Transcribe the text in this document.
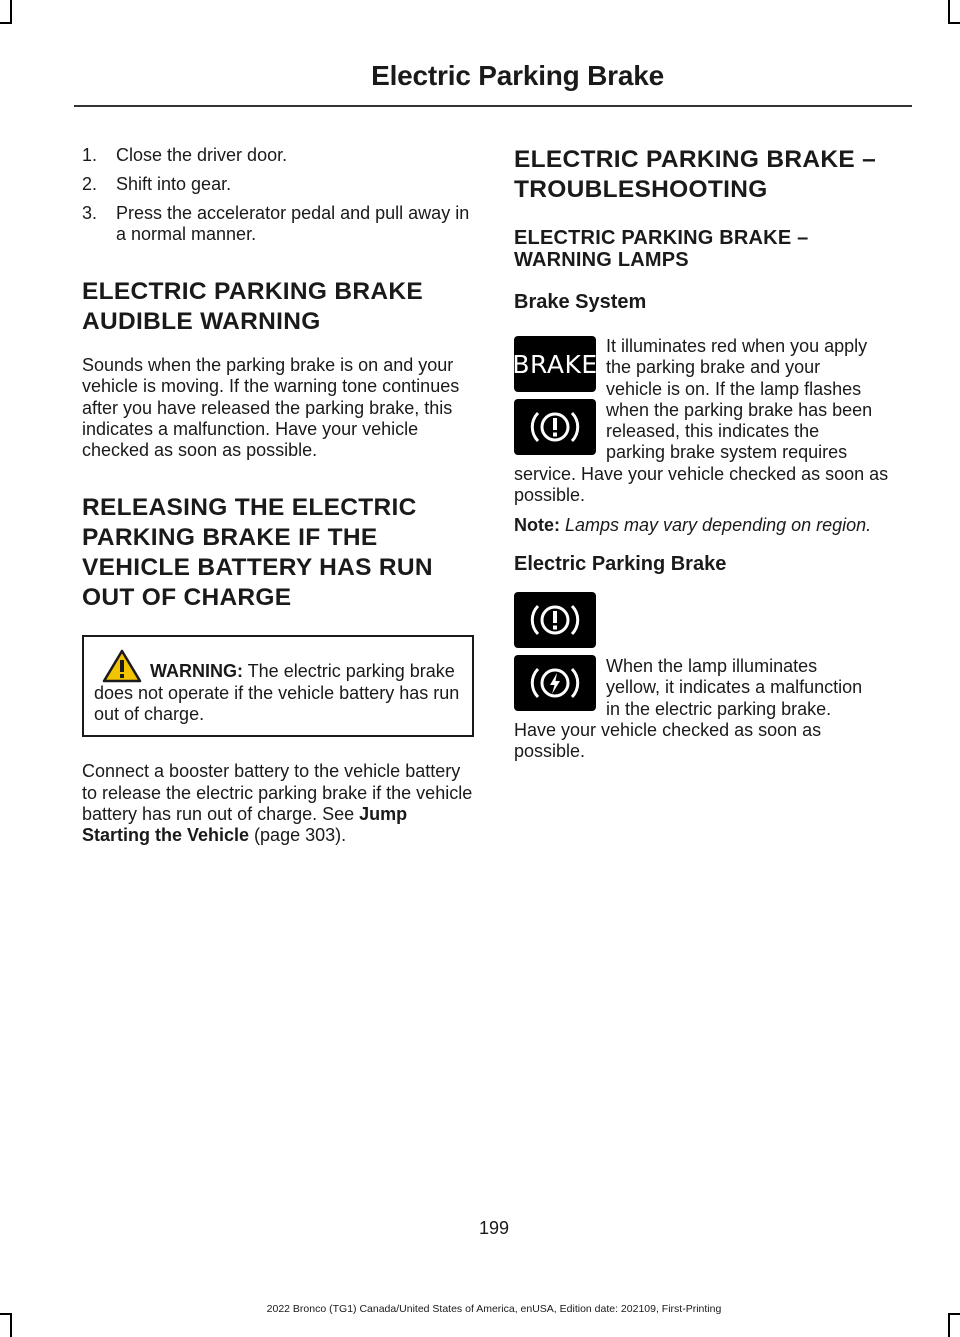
Electric Parking Brake
1. Close the driver door.
2. Shift into gear.
3. Press the accelerator pedal and pull away in a normal manner.
ELECTRIC PARKING BRAKE
AUDIBLE WARNING

Sounds when the parking brake is on and your vehicle is moving. If the warning tone continues after you have released the parking brake, this indicates a malfunction. Have your vehicle checked as soon as possible.

RELEASING THE ELECTRIC
PARKING BRAKE IF THE
VEHICLE BATTERY HAS RUN
OUT OF CHARGE
WARNING: The electric parking brake does not operate if the vehicle battery has run out of charge.

Connect a booster battery to the vehicle battery to release the electric parking brake if the vehicle battery has run out of charge. See Jump Starting the Vehicle (page 303).

ELECTRIC PARKING BRAKE –
TROUBLESHOOTING
ELECTRIC PARKING BRAKE –
WARNING LAMPS
Brake System
BRAKE
It illuminates red when you apply
the parking brake and your
vehicle is on. If the lamp flashes
when the parking brake has been
released, this indicates the
parking brake system requires
service. Have your vehicle checked as soon as possible.
Note: Lamps may vary depending on region.
Electric Parking Brake
When the lamp illuminates
yellow, it indicates a malfunction
in the electric parking brake.
Have your vehicle checked as soon as possible.
199
2022 Bronco (TG1) Canada/United States of America, enUSA, Edition date: 202109, First-Printing
